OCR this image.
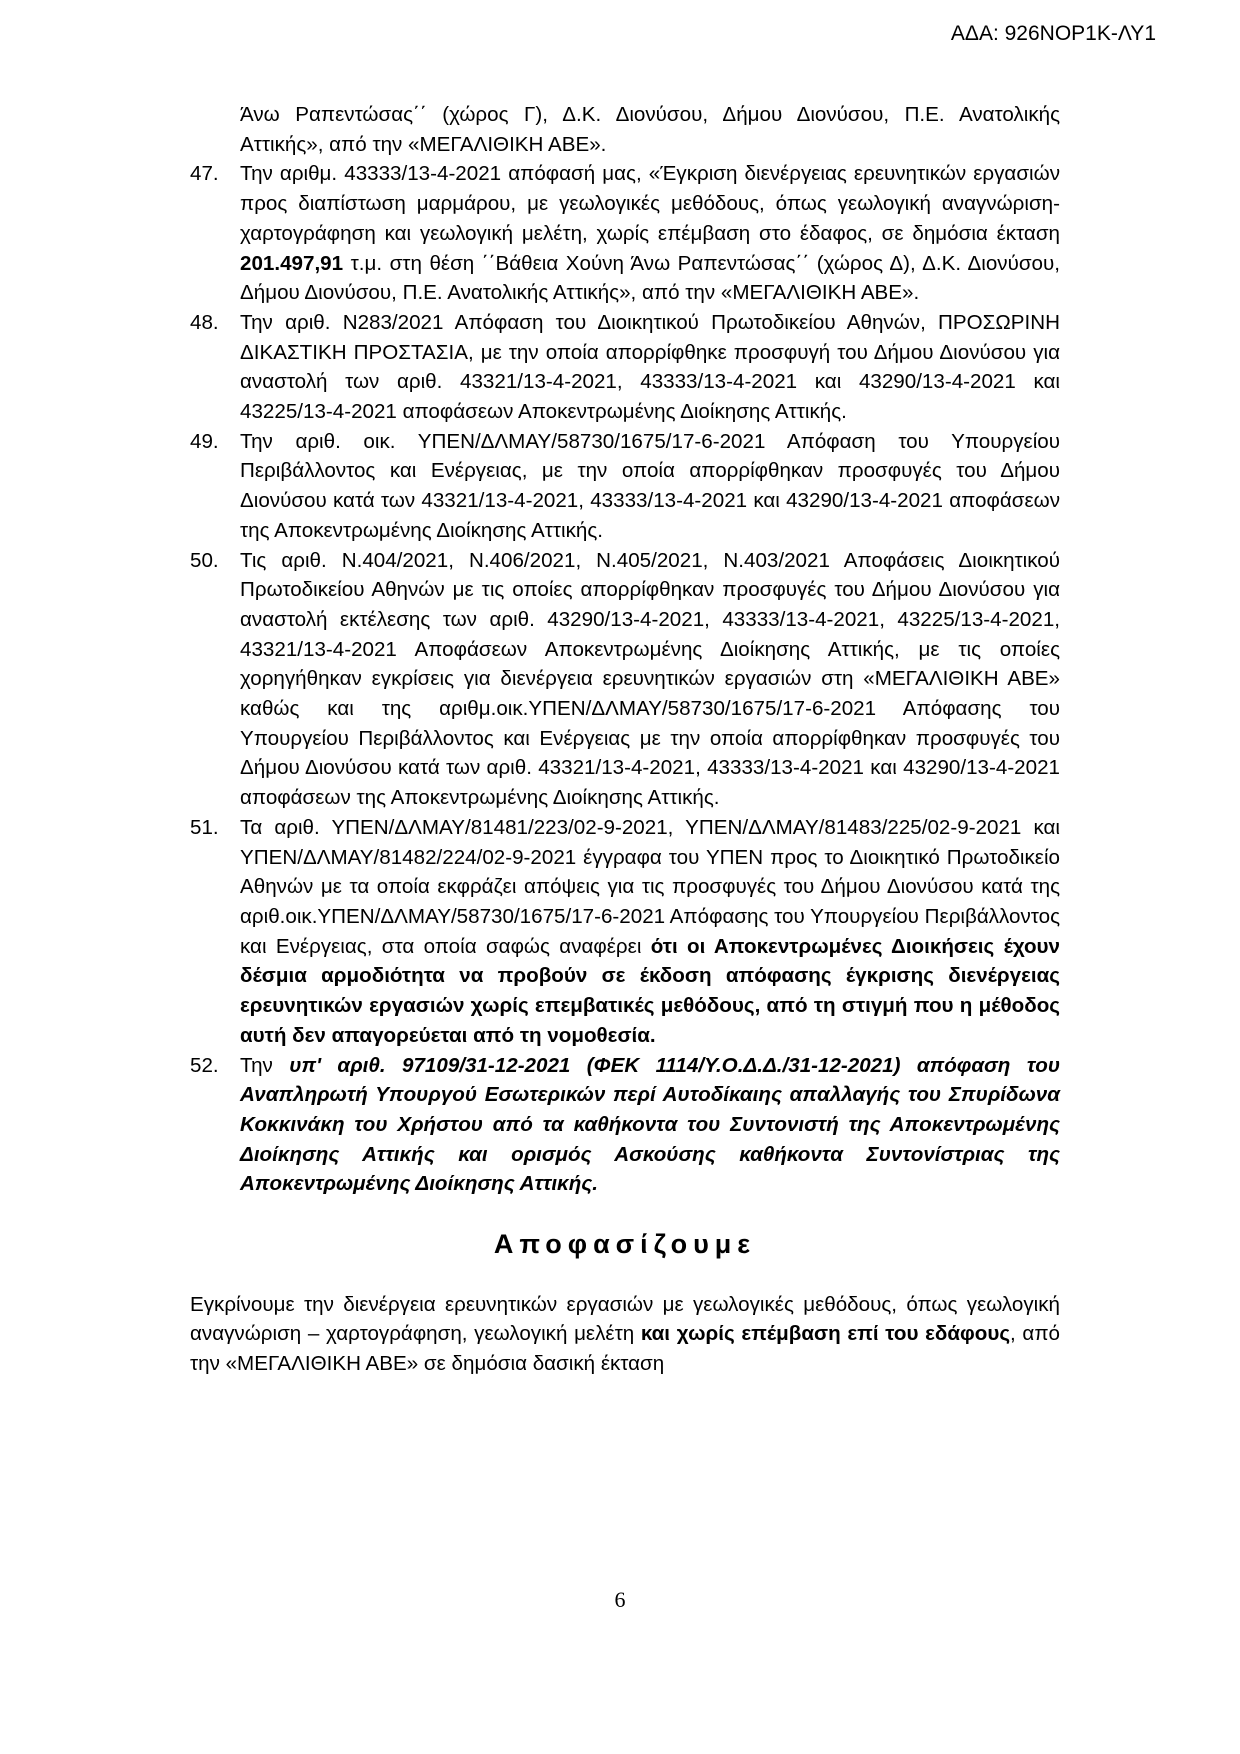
ΑΔΑ: 926ΝΟΡ1Κ-ΛΥ1
Άνω Ραπεντώσας΄΄ (χώρος Γ), Δ.Κ. Διονύσου, Δήμου Διονύσου, Π.Ε. Ανατολικής Αττικής», από την «ΜΕΓΑΛΙΘΙΚΗ ΑΒΕ».
47.	Την αριθμ. 43333/13-4-2021 απόφασή μας, «Έγκριση διενέργειας ερευνητικών εργασιών προς διαπίστωση μαρμάρου, με γεωλογικές μεθόδους, όπως γεωλογική αναγνώριση-χαρτογράφηση και γεωλογική μελέτη, χωρίς επέμβαση στο έδαφος, σε δημόσια έκταση 201.497,91 τ.μ. στη θέση ΄΄Βάθεια Χούνη Άνω Ραπεντώσας΄΄ (χώρος Δ), Δ.Κ. Διονύσου, Δήμου Διονύσου, Π.Ε. Ανατολικής Αττικής», από την «ΜΕΓΑΛΙΘΙΚΗ ΑΒΕ».
48.	Την αριθ. Ν283/2021 Απόφαση του Διοικητικού Πρωτοδικείου Αθηνών, ΠΡΟΣΩΡΙΝΗ ΔΙΚΑΣΤΙΚΗ ΠΡΟΣΤΑΣΙΑ, με την οποία απορρίφθηκε προσφυγή του Δήμου Διονύσου για αναστολή των αριθ. 43321/13-4-2021, 43333/13-4-2021 και 43290/13-4-2021 και 43225/13-4-2021 αποφάσεων Αποκεντρωμένης Διοίκησης Αττικής.
49.	Την αριθ. οικ. ΥΠΕΝ/ΔΛΜΑΥ/58730/1675/17-6-2021 Απόφαση του Υπουργείου Περιβάλλοντος και Ενέργειας, με την οποία απορρίφθηκαν προσφυγές του Δήμου Διονύσου κατά των 43321/13-4-2021, 43333/13-4-2021 και 43290/13-4-2021 αποφάσεων της Αποκεντρωμένης Διοίκησης Αττικής.
50.	Τις αριθ. Ν.404/2021, Ν.406/2021, Ν.405/2021, Ν.403/2021 Αποφάσεις Διοικητικού Πρωτοδικείου Αθηνών με τις οποίες απορρίφθηκαν προσφυγές του Δήμου Διονύσου για αναστολή εκτέλεσης των αριθ. 43290/13-4-2021, 43333/13-4-2021, 43225/13-4-2021, 43321/13-4-2021 Αποφάσεων Αποκεντρωμένης Διοίκησης Αττικής, με τις οποίες χορηγήθηκαν εγκρίσεις για διενέργεια ερευνητικών εργασιών στη «ΜΕΓΑΛΙΘΙΚΗ ΑΒΕ» καθώς και της αριθμ.οικ.ΥΠΕΝ/ΔΛΜΑΥ/58730/1675/17-6-2021 Απόφασης του Υπουργείου Περιβάλλοντος και Ενέργειας με την οποία απορρίφθηκαν προσφυγές του Δήμου Διονύσου κατά των αριθ. 43321/13-4-2021, 43333/13-4-2021 και 43290/13-4-2021 αποφάσεων της Αποκεντρωμένης Διοίκησης Αττικής.
51.	Τα αριθ. ΥΠΕΝ/ΔΛΜΑΥ/81481/223/02-9-2021, ΥΠΕΝ/ΔΛΜΑΥ/81483/225/02-9-2021 και ΥΠΕΝ/ΔΛΜΑΥ/81482/224/02-9-2021 έγγραφα του ΥΠΕΝ προς το Διοικητικό Πρωτοδικείο Αθηνών με τα οποία εκφράζει απόψεις για τις προσφυγές του Δήμου Διονύσου κατά της αριθ.οικ.ΥΠΕΝ/ΔΛΜΑΥ/58730/1675/17-6-2021 Απόφασης του Υπουργείου Περιβάλλοντος και Ενέργειας, στα οποία σαφώς αναφέρει ότι οι Αποκεντρωμένες Διοικήσεις έχουν δέσμια αρμοδιότητα να προβούν σε έκδοση απόφασης έγκρισης διενέργειας ερευνητικών εργασιών χωρίς επεμβατικές μεθόδους, από τη στιγμή που η μέθοδος αυτή δεν απαγορεύεται από τη νομοθεσία.
52.	Την υπ' αριθ. 97109/31-12-2021 (ΦΕΚ 1114/Υ.Ο.Δ.Δ./31-12-2021) απόφαση του Αναπληρωτή Υπουργού Εσωτερικών περί Αυτοδίκαιης απαλλαγής του Σπυρίδωνα Κοκκινάκη του Χρήστου από τα καθήκοντα του Συντονιστή της Αποκεντρωμένης Διοίκησης Αττικής και ορισμός Ασκούσης καθήκοντα Συντονίστριας της Αποκεντρωμένης Διοίκησης Αττικής.
Αποφασίζουμε
Εγκρίνουμε την διενέργεια ερευνητικών εργασιών με γεωλογικές μεθόδους, όπως γεωλογική αναγνώριση – χαρτογράφηση, γεωλογική μελέτη και χωρίς επέμβαση επί του εδάφους, από την «ΜΕΓΑΛΙΘΙΚΗ ΑΒΕ» σε δημόσια δασική έκταση
6
